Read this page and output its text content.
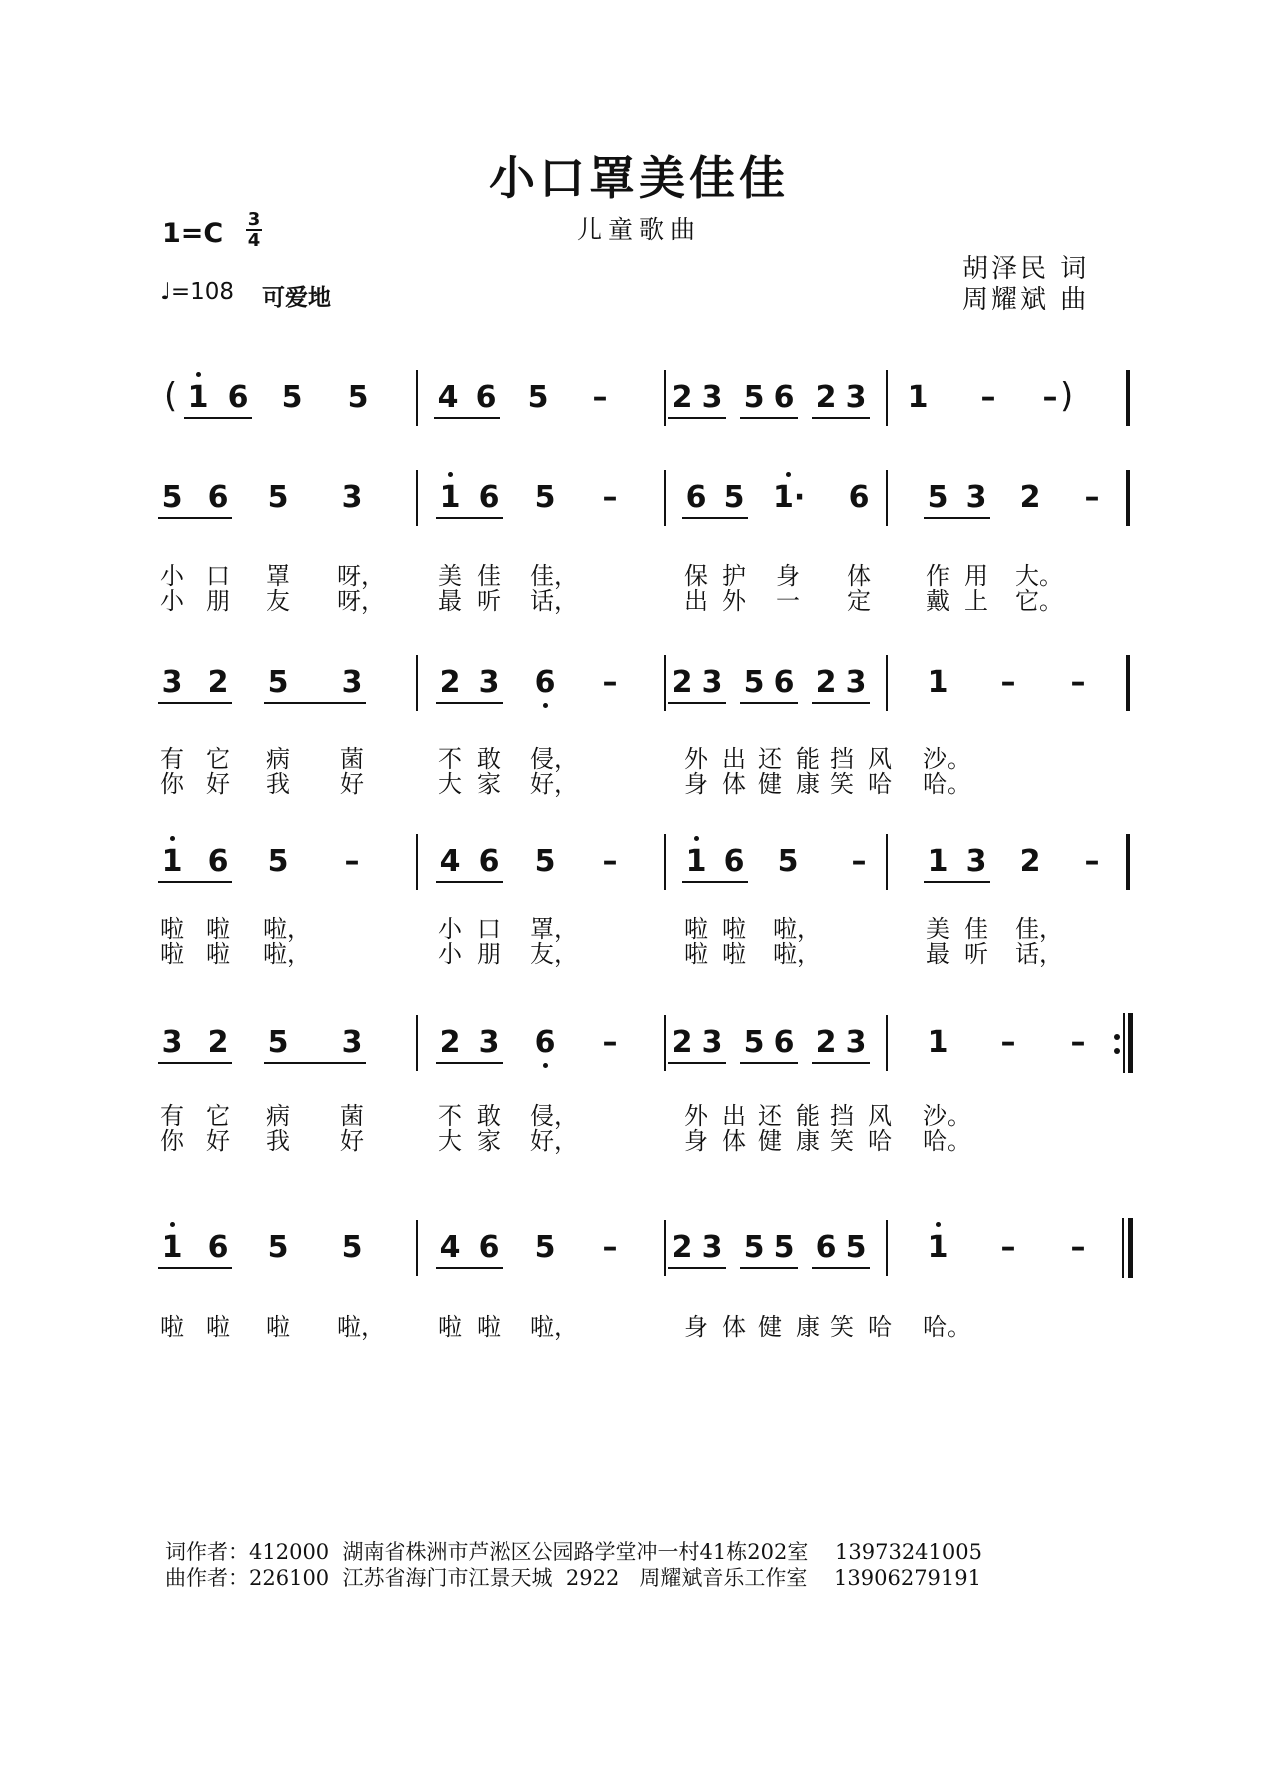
小口罩美佳佳
儿童歌曲
1=C 3
4
♩=108 可爱地
胡泽民 词
周耀斌 曲
1 6 5 5 4 6 5 – 2 3 5 6 2 3 1 – –
(	)
5 6 5 3	1 6 5 – 6 5 1· 6 5 3 2 –
小 口 罩 呀， 美 佳 佳，	保 护 身 体 作 用 大。
小 朋 友 呀， 最 听 话，	出 外 一 定 戴 上 它。
3 2 5 3	2 3 6 – 2 3 5 6 2 3 1 – –
有 它 病 菌	不 敢 侵，	外 出 还 能 挡 风 沙。
你 好 我 好	大 家 好，	身 体 健 康 笑 哈 哈。
1 6 5 –	4 6 5 – 1 6 5 – 1 3 2 –
啦 啦 啦，	小 口 罩，	啦 啦 啦，	美 佳 佳，
啦 啦 啦，	小 朋 友，	啦 啦 啦，	最 听 话，
3 2 5 3	2 3 6 – 2 3 5 6 2 3 1 – –
有 它 病 菌	不 敢 侵，	外 出 还 能 挡 风 沙。
你 好 我 好	大 家 好，	身 体 健 康 笑 哈 哈。
1 6 5 5	4 6 5 – 2 3 5 5 6 5 1 – –
啦 啦 啦 啦， 啦 啦 啦，	身 体 健 康 笑 哈 哈。
词作者：412000  湖南省株洲市芦淞区公园路学堂冲一村41栋202室    13973241005
曲作者：226100  江苏省海门市江景天城  2922   周耀斌音乐工作室    13906279191
